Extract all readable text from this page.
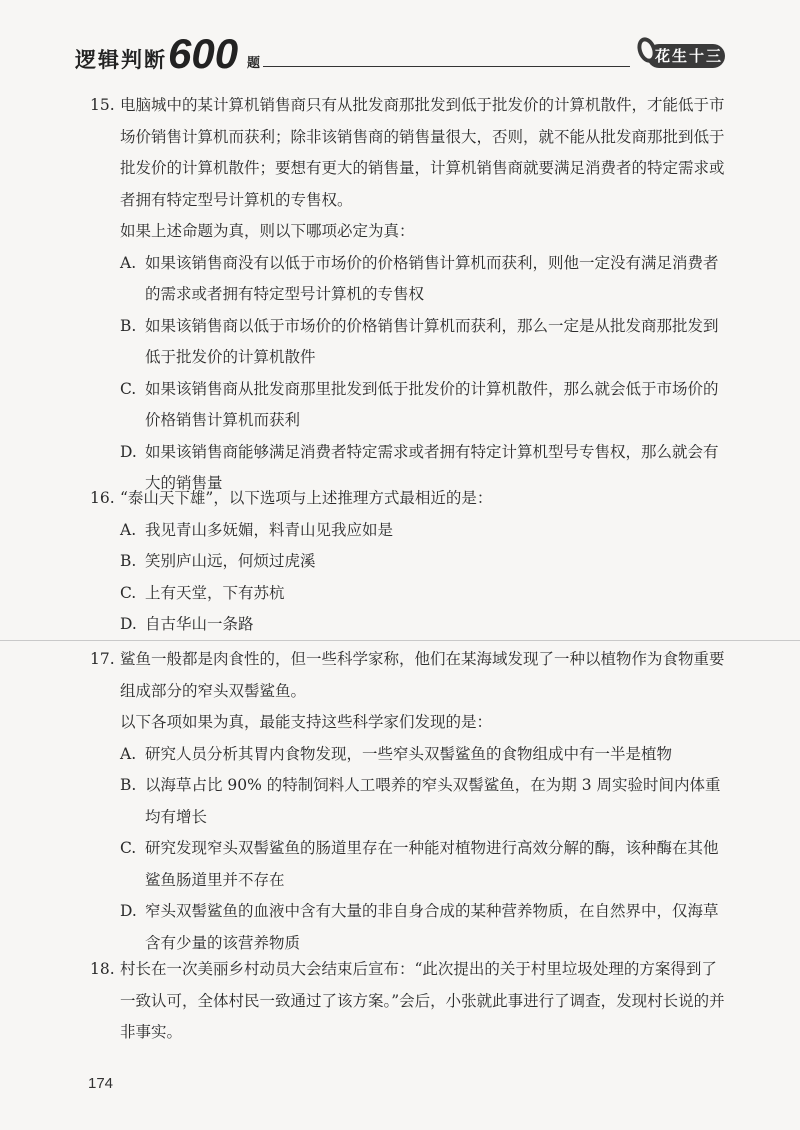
逻辑判断 600 题	花生十三
15. 电脑城中的某计算机销售商只有从批发商那批发到低于批发价的计算机散件，才能低于市场价销售计算机而获利；除非该销售商的销售量很大，否则，就不能从批发商那批到低于批发价的计算机散件；要想有更大的销售量，计算机销售商就要满足消费者的特定需求或者拥有特定型号计算机的专售权。
如果上述命题为真，则以下哪项必定为真：
A. 如果该销售商没有以低于市场价的价格销售计算机而获利，则他一定没有满足消费者的需求或者拥有特定型号计算机的专售权
B. 如果该销售商以低于市场价的价格销售计算机而获利，那么一定是从批发商那批发到低于批发价的计算机散件
C. 如果该销售商从批发商那里批发到低于批发价的计算机散件，那么就会低于市场价的价格销售计算机而获利
D. 如果该销售商能够满足消费者特定需求或者拥有特定计算机型号专售权，那么就会有大的销售量
16. “泰山天下雄”，以下选项与上述推理方式最相近的是：
A. 我见青山多妩媚，料青山见我应如是
B. 笑别庐山远，何烦过虎溪
C. 上有天堂，下有苏杭
D. 自古华山一条路
17. 鲨鱼一般都是肉食性的，但一些科学家称，他们在某海域发现了一种以植物作为食物重要组成部分的窄头双髻鲨鱼。
以下各项如果为真，最能支持这些科学家们发现的是：
A. 研究人员分析其胃内食物发现，一些窄头双髻鲨鱼的食物组成中有一半是植物
B. 以海草占比 90% 的特制饲料人工喂养的窄头双髻鲨鱼，在为期 3 周实验时间内体重均有增长
C. 研究发现窄头双髻鲨鱼的肠道里存在一种能对植物进行高效分解的酶，该种酶在其他鲨鱼肠道里并不存在
D. 窄头双髻鲨鱼的血液中含有大量的非自身合成的某种营养物质，在自然界中，仅海草含有少量的该营养物质
18. 村长在一次美丽乡村动员大会结束后宣布：“此次提出的关于村里垃圾处理的方案得到了一致认可，全体村民一致通过了该方案。”会后，小张就此事进行了调查，发现村长说的并非事实。
174
